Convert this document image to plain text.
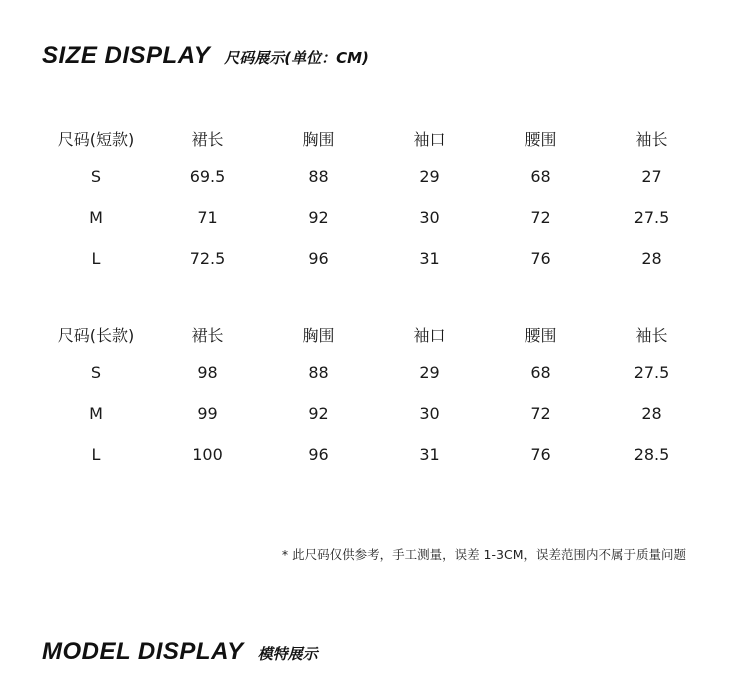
SIZE DISPLAY 尺码展示(单位：CM)
尺码(短款)	裙长	胸围	袖口	腰围	袖长
S	69.5	88	29	68	27
M	71	92	30	72	27.5
L	72.5	96	31	76	28
尺码(长款)	裙长	胸围	袖口	腰围	袖长
S	98	88	29	68	27.5
M	99	92	30	72	28
L	100	96	31	76	28.5
* 此尺码仅供参考，手工测量，误差 1-3CM，误差范围内不属于质量问题
MODEL DISPLAY 模特展示
